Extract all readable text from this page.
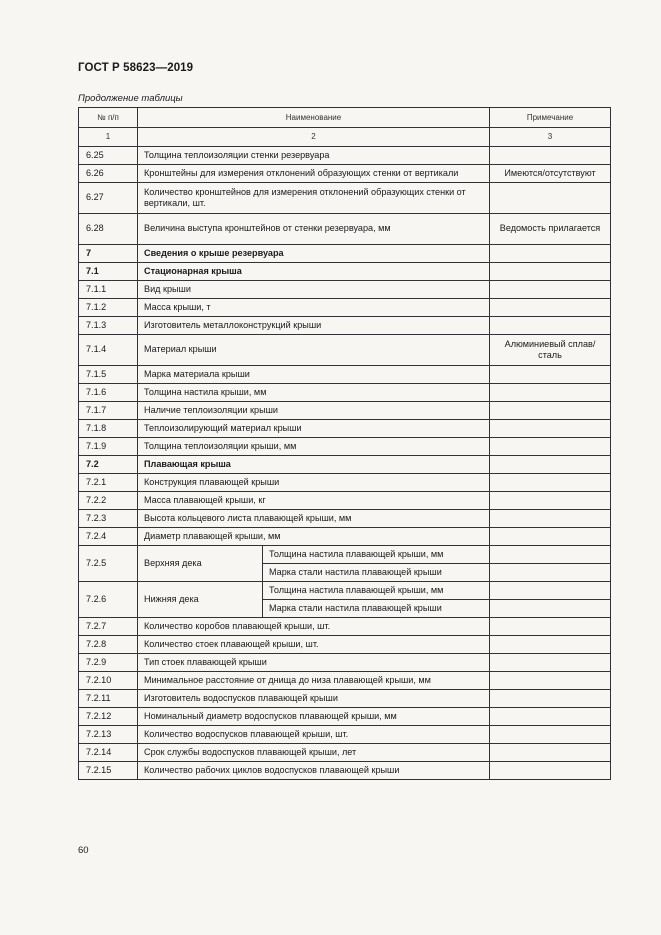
ГОСТ Р 58623—2019
Продолжение таблицы
№ п/п	Наименование		Примечание
1	2		3
6.25	Толщина теплоизоляции стенки резервуара		
6.26	Кронштейны для измерения отклонений образующих стенки от вертикали		Имеются/отсутствуют
6.27	Количество кронштейнов для измерения отклонений образующих стенки от вертикали, шт.		
6.28	Величина выступа кронштейнов от стенки резервуара, мм		Ведомость прилагается
7	Сведения о крыше резервуара		
7.1	Стационарная крыша		
7.1.1	Вид крыши		
7.1.2	Масса крыши, т		
7.1.3	Изготовитель металлоконструкций крыши		
7.1.4	Материал крыши		Алюминиевый сплав/сталь
7.1.5	Марка материала крыши		
7.1.6	Толщина настила крыши, мм		
7.1.7	Наличие теплоизоляции крыши		
7.1.8	Теплоизолирующий материал крыши		
7.1.9	Толщина теплоизоляции крыши, мм		
7.2	Плавающая крыша		
7.2.1	Конструкция плавающей крыши		
7.2.2	Масса плавающей крыши, кг		
7.2.3	Высота кольцевого листа плавающей крыши, мм		
7.2.4	Диаметр плавающей крыши, мм		
7.2.5	Верхняя дека	Толщина настила плавающей крыши, мм	
		Марка стали настила плавающей крыши	
7.2.6	Нижняя дека	Толщина настила плавающей крыши, мм	
		Марка стали настила плавающей крыши	
7.2.7	Количество коробов плавающей крыши, шт.		
7.2.8	Количество стоек плавающей крыши, шт.		
7.2.9	Тип стоек плавающей крыши		
7.2.10	Минимальное расстояние от днища до низа плавающей крыши, мм		
7.2.11	Изготовитель водоспусков плавающей крыши		
7.2.12	Номинальный диаметр водоспусков плавающей крыши, мм		
7.2.13	Количество водоспусков плавающей крыши, шт.		
7.2.14	Срок службы водоспусков плавающей крыши, лет		
7.2.15	Количество рабочих циклов водоспусков плавающей крыши		
60
